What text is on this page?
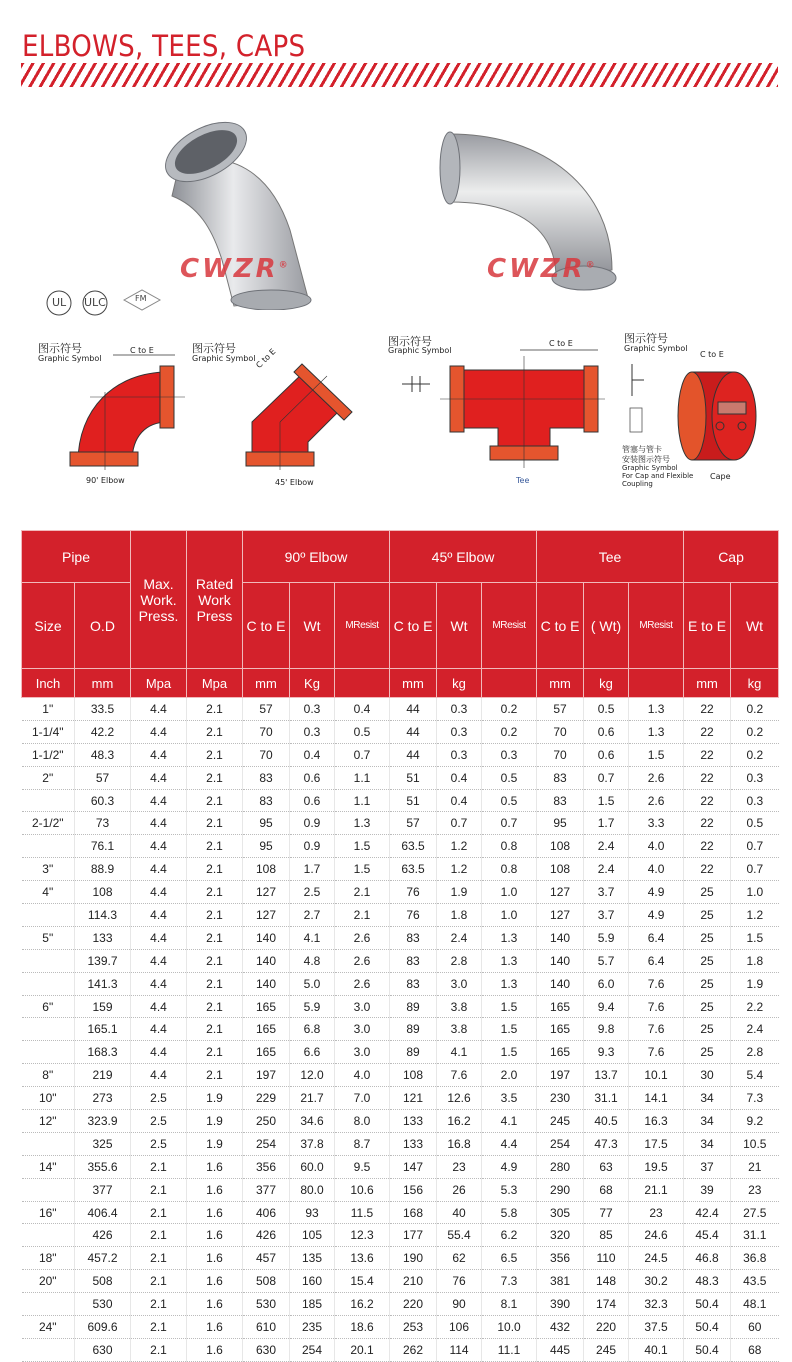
ELBOWS, TEES, CAPS
CWZR®	CWZR®
UL ULC	FM
图示符号
Graphic Symbol
C to E
90' Elbow
图示符号
Graphic Symbol
C to E
45' Elbow
图示符号
Graphic Symbol
C to E
Tee
图示符号
Graphic Symbol
C to E
管塞与管卡
安装图示符号
Graphic Symbol
For Cap and Flexible
Coupling
Cape
Pipe		Max. Work. Press.	Rated Work Press	90º Elbow			45º Elbow			Tee			Cap	
Size	O.D			C to E	Wt	MResist	C to E	Wt	MResist	C to E	( Wt)	MResist	E to E	Wt
Inch	mm	Mpa	Mpa	mm	Kg		mm	kg		mm	kg		mm	kg
1"	33.5	4.4	2.1	57	0.3	0.4	44	0.3	0.2	57	0.5	1.3	22	0.2
1-1/4"	42.2	4.4	2.1	70	0.3	0.5	44	0.3	0.2	70	0.6	1.3	22	0.2
1-1/2"	48.3	4.4	2.1	70	0.4	0.7	44	0.3	0.3	70	0.6	1.5	22	0.2
2"	57	4.4	2.1	83	0.6	1.1	51	0.4	0.5	83	0.7	2.6	22	0.3
	60.3	4.4	2.1	83	0.6	1.1	51	0.4	0.5	83	1.5	2.6	22	0.3
2-1/2"	73	4.4	2.1	95	0.9	1.3	57	0.7	0.7	95	1.7	3.3	22	0.5
	76.1	4.4	2.1	95	0.9	1.5	63.5	1.2	0.8	108	2.4	4.0	22	0.7
3"	88.9	4.4	2.1	108	1.7	1.5	63.5	1.2	0.8	108	2.4	4.0	22	0.7
4"	108	4.4	2.1	127	2.5	2.1	76	1.9	1.0	127	3.7	4.9	25	1.0
	114.3	4.4	2.1	127	2.7	2.1	76	1.8	1.0	127	3.7	4.9	25	1.2
5"	133	4.4	2.1	140	4.1	2.6	83	2.4	1.3	140	5.9	6.4	25	1.5
	139.7	4.4	2.1	140	4.8	2.6	83	2.8	1.3	140	5.7	6.4	25	1.8
	141.3	4.4	2.1	140	5.0	2.6	83	3.0	1.3	140	6.0	7.6	25	1.9
6"	159	4.4	2.1	165	5.9	3.0	89	3.8	1.5	165	9.4	7.6	25	2.2
	165.1	4.4	2.1	165	6.8	3.0	89	3.8	1.5	165	9.8	7.6	25	2.4
	168.3	4.4	2.1	165	6.6	3.0	89	4.1	1.5	165	9.3	7.6	25	2.8
8"	219	4.4	2.1	197	12.0	4.0	108	7.6	2.0	197	13.7	10.1	30	5.4
10"	273	2.5	1.9	229	21.7	7.0	121	12.6	3.5	230	31.1	14.1	34	7.3
12"	323.9	2.5	1.9	250	34.6	8.0	133	16.2	4.1	245	40.5	16.3	34	9.2
	325	2.5	1.9	254	37.8	8.7	133	16.8	4.4	254	47.3	17.5	34	10.5
14"	355.6	2.1	1.6	356	60.0	9.5	147	23	4.9	280	63	19.5	37	21
	377	2.1	1.6	377	80.0	10.6	156	26	5.3	290	68	21.1	39	23
16"	406.4	2.1	1.6	406	93	11.5	168	40	5.8	305	77	23	42.4	27.5
	426	2.1	1.6	426	105	12.3	177	55.4	6.2	320	85	24.6	45.4	31.1
18"	457.2	2.1	1.6	457	135	13.6	190	62	6.5	356	110	24.5	46.8	36.8
20"	508	2.1	1.6	508	160	15.4	210	76	7.3	381	148	30.2	48.3	43.5
	530	2.1	1.6	530	185	16.2	220	90	8.1	390	174	32.3	50.4	48.1
24"	609.6	2.1	1.6	610	235	18.6	253	106	10.0	432	220	37.5	50.4	60
	630	2.1	1.6	630	254	20.1	262	114	11.1	445	245	40.1	50.4	68
